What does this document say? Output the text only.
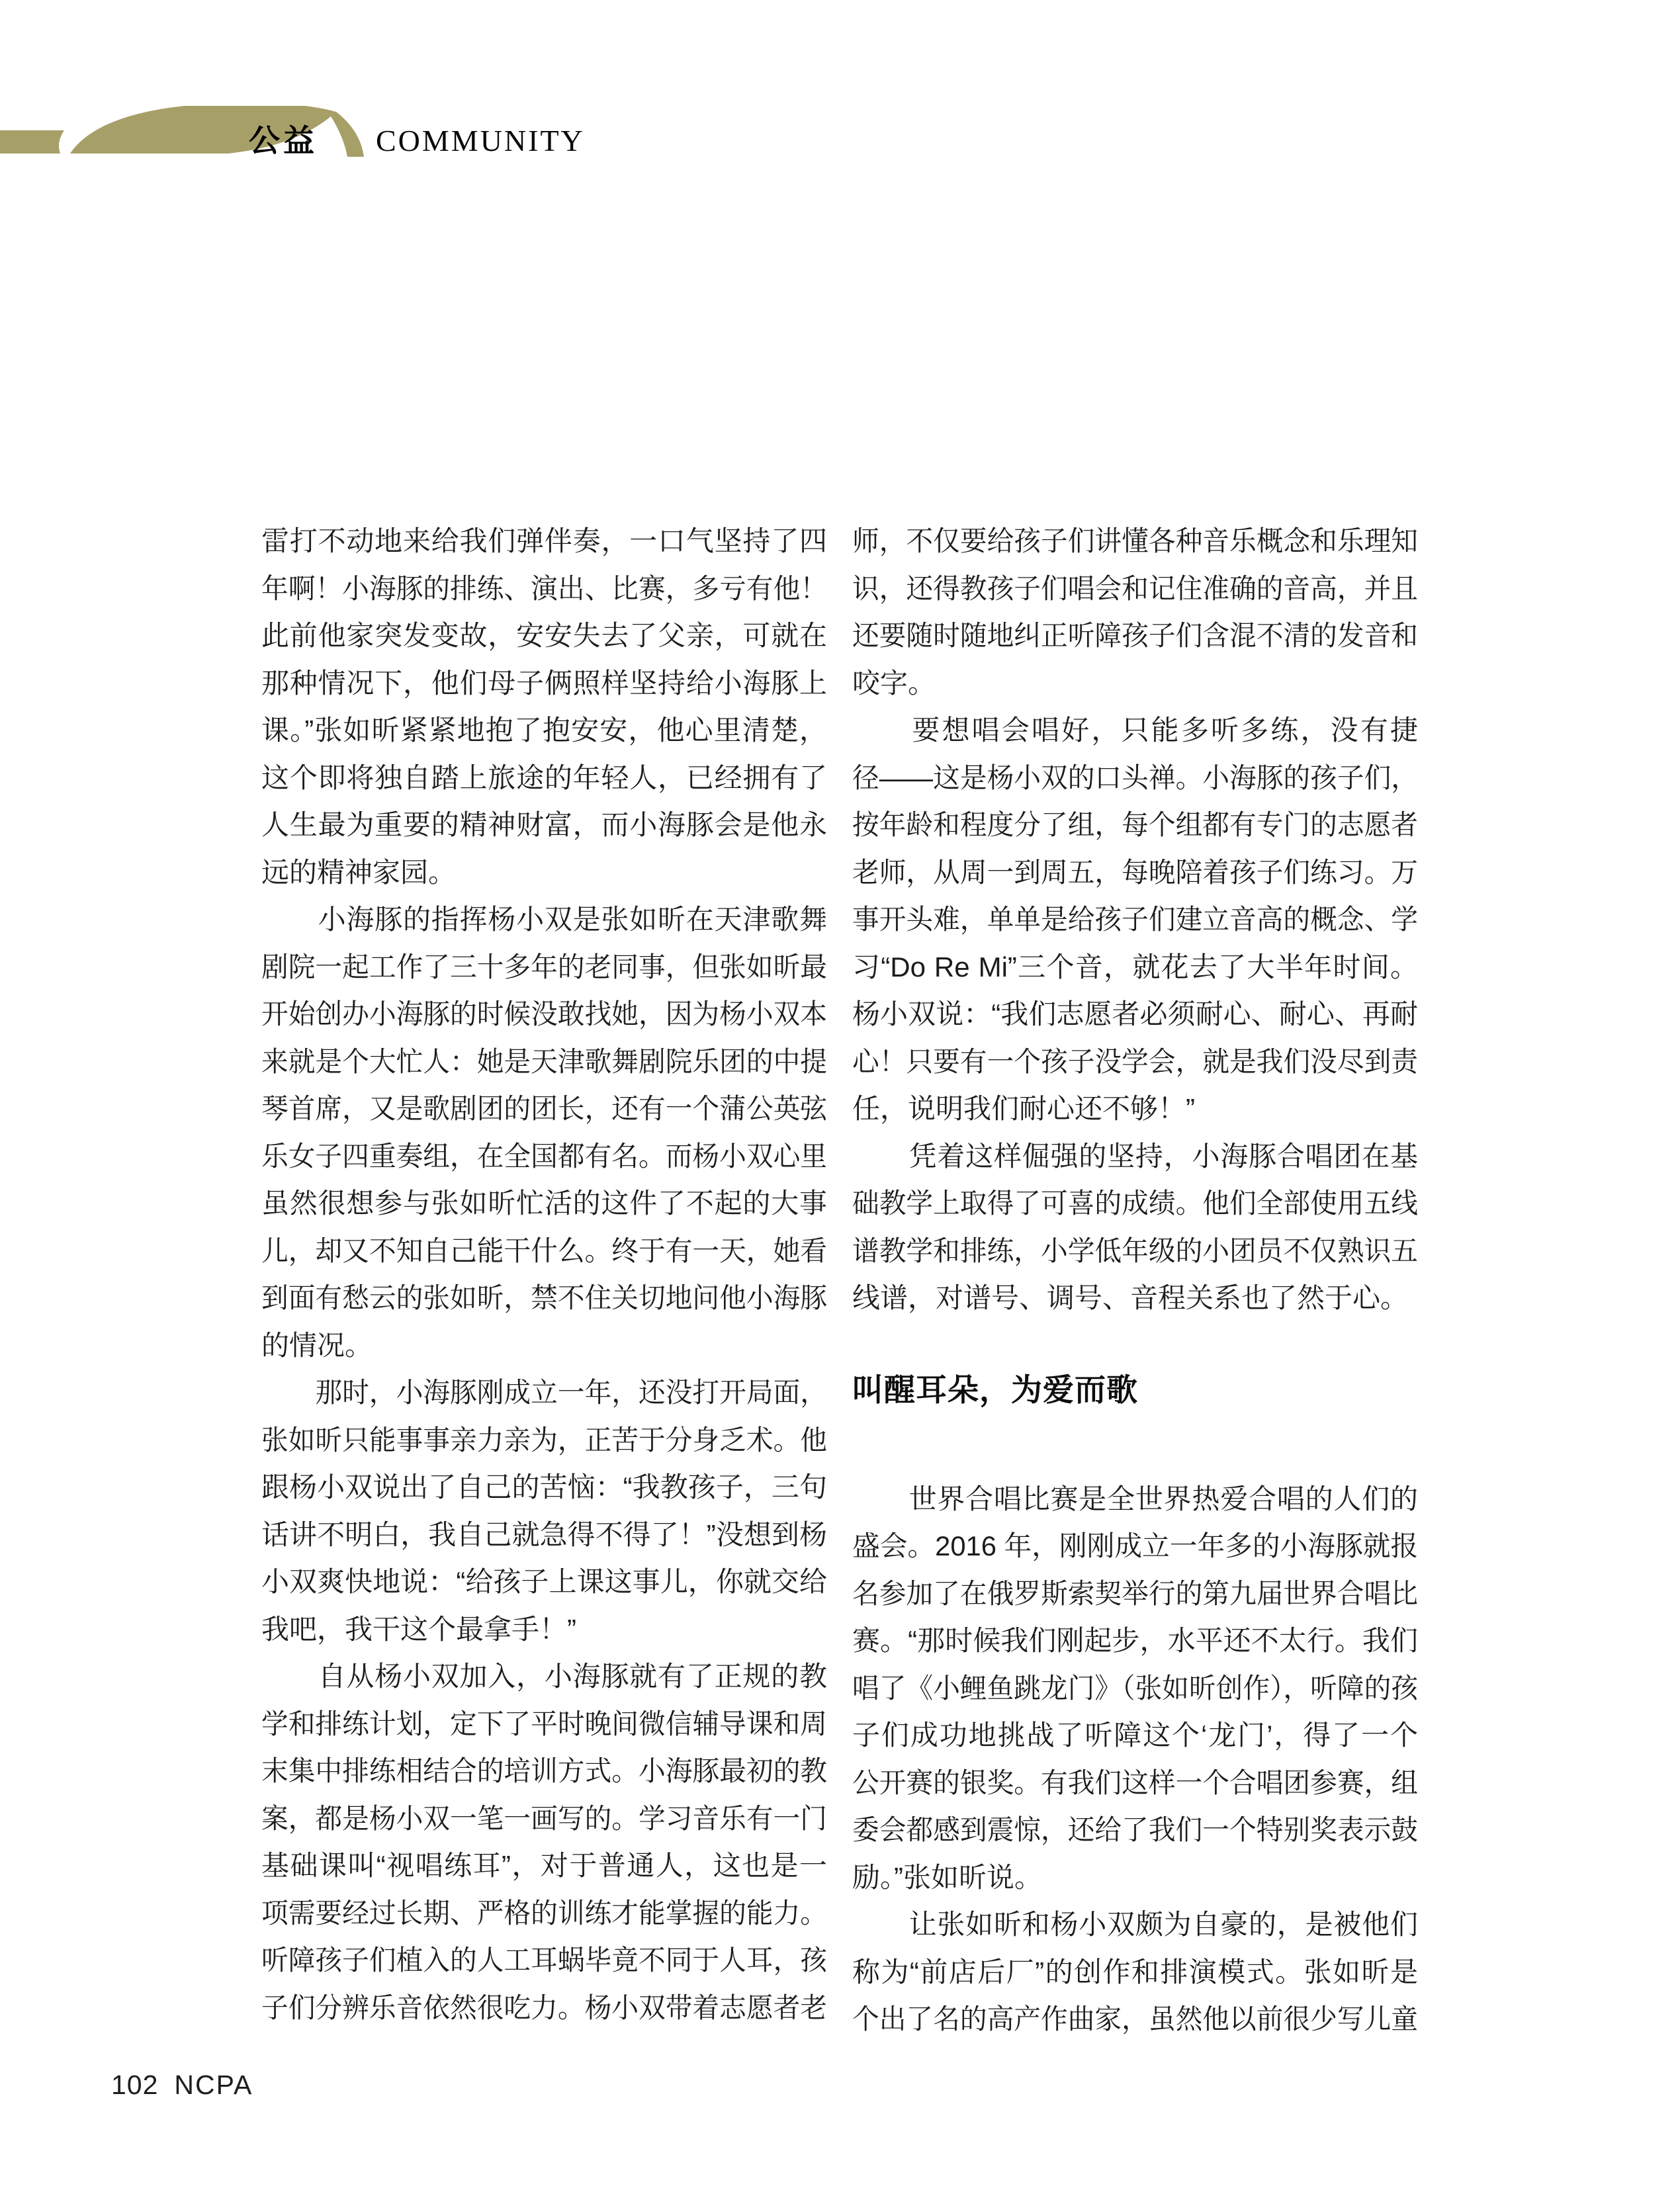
公益 COMMUNITY
雷打不动地来给我们弹伴奏，一口气坚持了四
年啊！小海豚的排练、演出、比赛，多亏有他！
此前他家突发变故，安安失去了父亲，可就在
那种情况下，他们母子俩照样坚持给小海豚上
课。”张如昕紧紧地抱了抱安安，他心里清楚，
这个即将独自踏上旅途的年轻人，已经拥有了
人生最为重要的精神财富，而小海豚会是他永
远的精神家园。
　　小海豚的指挥杨小双是张如昕在天津歌舞
剧院一起工作了三十多年的老同事，但张如昕最
开始创办小海豚的时候没敢找她，因为杨小双本
来就是个大忙人：她是天津歌舞剧院乐团的中提
琴首席，又是歌剧团的团长，还有一个蒲公英弦
乐女子四重奏组，在全国都有名。而杨小双心里
虽然很想参与张如昕忙活的这件了不起的大事
儿，却又不知自己能干什么。终于有一天，她看
到面有愁云的张如昕，禁不住关切地问他小海豚
的情况。
　　那时，小海豚刚成立一年，还没打开局面，
张如昕只能事事亲力亲为，正苦于分身乏术。他
跟杨小双说出了自己的苦恼：“我教孩子，三句
话讲不明白，我自己就急得不得了！”没想到杨
小双爽快地说：“给孩子上课这事儿，你就交给
我吧，我干这个最拿手！”
　　自从杨小双加入，小海豚就有了正规的教
学和排练计划，定下了平时晚间微信辅导课和周
末集中排练相结合的培训方式。小海豚最初的教
案，都是杨小双一笔一画写的。学习音乐有一门
基础课叫“视唱练耳”，对于普通人，这也是一
项需要经过长期、严格的训练才能掌握的能力。
听障孩子们植入的人工耳蜗毕竟不同于人耳，孩
子们分辨乐音依然很吃力。杨小双带着志愿者老
师，不仅要给孩子们讲懂各种音乐概念和乐理知
识，还得教孩子们唱会和记住准确的音高，并且
还要随时随地纠正听障孩子们含混不清的发音和
咬字。
　　要想唱会唱好，只能多听多练，没有捷
径——这是杨小双的口头禅。小海豚的孩子们，
按年龄和程度分了组，每个组都有专门的志愿者
老师，从周一到周五，每晚陪着孩子们练习。万
事开头难，单单是给孩子们建立音高的概念、学
习“Do Re Mi”三个音，就花去了大半年时间。
杨小双说：“我们志愿者必须耐心、耐心、再耐
心！只要有一个孩子没学会，就是我们没尽到责
任，说明我们耐心还不够！”
　　凭着这样倔强的坚持，小海豚合唱团在基
础教学上取得了可喜的成绩。他们全部使用五线
谱教学和排练，小学低年级的小团员不仅熟识五
线谱，对谱号、调号、音程关系也了然于心。
叫醒耳朵，为爱而歌
　　世界合唱比赛是全世界热爱合唱的人们的
盛会。2016 年，刚刚成立一年多的小海豚就报
名参加了在俄罗斯索契举行的第九届世界合唱比
赛。“那时候我们刚起步，水平还不太行。我们
唱了《小鲤鱼跳龙门》（张如昕创作），听障的孩
子们成功地挑战了听障这个‘龙门’，得了一个
公开赛的银奖。有我们这样一个合唱团参赛，组
委会都感到震惊，还给了我们一个特别奖表示鼓
励。”张如昕说。
　　让张如昕和杨小双颇为自豪的，是被他们
称为“前店后厂”的创作和排演模式。张如昕是
个出了名的高产作曲家，虽然他以前很少写儿童
102 NCPA
